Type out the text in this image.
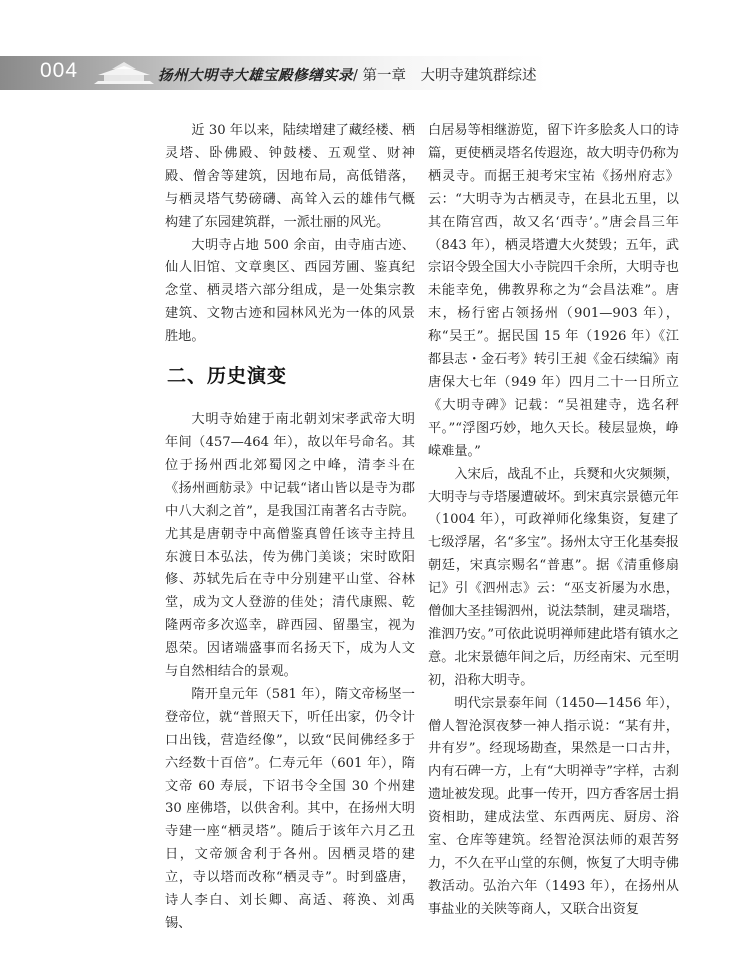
004	扬州大明寺大雄宝殿修缮实录/ 第一章　大明寺建筑群综述

近 30 年以来，陆续增建了藏经楼、栖灵塔、卧佛殿、钟鼓楼、五观堂、财神殿、僧舍等建筑，因地布局，高低错落，与栖灵塔气势磅礴、高耸入云的雄伟气概构建了东园建筑群，一派壮丽的风光。

大明寺占地 500 余亩，由寺庙古迹、仙人旧馆、文章奥区、西园芳圃、鉴真纪念堂、栖灵塔六部分组成，是一处集宗教建筑、文物古迹和园林风光为一体的风景胜地。

大明寺始建于南北朝刘宋孝武帝大明年间（457—464 年），故以年号命名。其位于扬州西北郊蜀冈之中峰，清李斗在《扬州画舫录》中记载“诸山皆以是寺为郡中八大刹之首”，是我国江南著名古寺院。尤其是唐朝寺中高僧鉴真曾任该寺主持且东渡日本弘法，传为佛门美谈；宋时欧阳修、苏轼先后在寺中分别建平山堂、谷林堂，成为文人登游的佳处；清代康熙、乾隆两帝多次巡幸，辟西园、留墨宝，视为恩荣。因诸端盛事而名扬天下，成为人文与自然相结合的景观。

隋开皇元年（581 年），隋文帝杨坚一登帝位，就“普照天下，听任出家，仍令计口出钱，营造经像”，以致“民间佛经多于六经数十百倍”。仁寿元年（601 年），隋文帝 60 寿辰，下诏书令全国 30 个州建 30 座佛塔，以供舍利。其中，在扬州大明寺建一座“栖灵塔”。随后于该年六月乙丑日，文帝颁舍利于各州。因栖灵塔的建立，寺以塔而改称“栖灵寺”。时到盛唐，诗人李白、刘长卿、高适、蒋涣、刘禹锡、

二、历史演变

白居易等相继游览，留下许多脍炙人口的诗篇，更使栖灵塔名传遐迩，故大明寺仍称为栖灵寺。而据王昶考宋宝祐《扬州府志》云：“大明寺为古栖灵寺，在县北五里，以其在隋宫西，故又名‘西寺’。”唐会昌三年（843 年），栖灵塔遭大火焚毁；五年，武宗诏令毁全国大小寺院四千余所，大明寺也未能幸免，佛教界称之为“会昌法难”。唐末，杨行密占领扬州（901—903 年），称“吴王”。据民国 15 年（1926 年）《江都县志・金石考》转引王昶《金石续编》南唐保大七年（949 年）四月二十一日所立《大明寺碑》记载：“吴祖建寺，选名秤平。”“浮图巧妙，地久天长。稜层显焕，峥嵘难量。”

入宋后，战乱不止，兵燹和火灾频频，大明寺与寺塔屡遭破坏。到宋真宗景德元年（1004 年），可政禅师化缘集资，复建了七级浮屠，名“多宝”。扬州太守王化基奏报朝廷，宋真宗赐名“普惠”。据《清重修扇记》引《泗州志》云：“巫支祈屡为水患，僧伽大圣挂锡泗州，说法禁制，建灵瑞塔，淮泗乃安。”可依此说明禅师建此塔有镇水之意。北宋景德年间之后，历经南宋、元至明初，沿称大明寺。

明代宗景泰年间（1450—1456 年），僧人智沧溟夜梦一神人指示说：“某有井，井有岁”。经现场勘查，果然是一口古井，内有石碑一方，上有“大明禅寺”字样，古刹遗址被发现。此事一传开，四方香客居士捐资相助，建成法堂、东西两庑、厨房、浴室、仓库等建筑。经智沧溟法师的艰苦努力，不久在平山堂的东侧，恢复了大明寺佛教活动。弘治六年（1493 年），在扬州从事盐业的关陕等商人，又联合出资复
